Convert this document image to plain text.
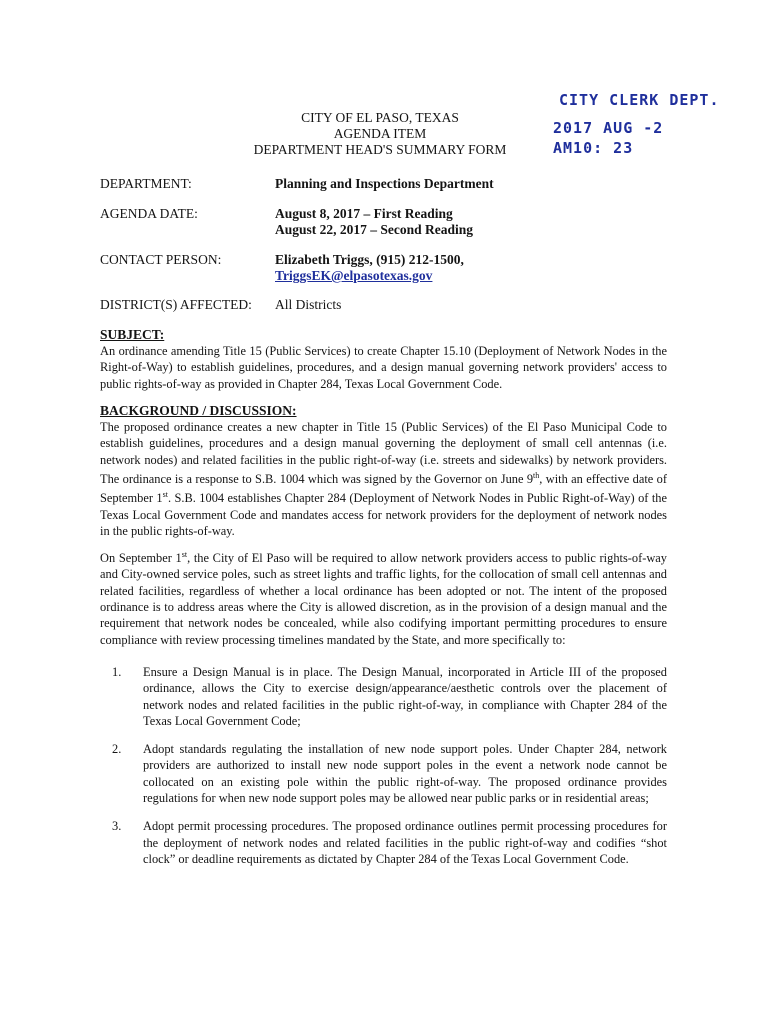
CITY CLERK DEPT.
2017 AUG -2 AM10: 23
CITY OF EL PASO, TEXAS
AGENDA ITEM
DEPARTMENT HEAD'S SUMMARY FORM
DEPARTMENT:	Planning and Inspections Department
AGENDA DATE:	August 8, 2017 – First Reading
August 22, 2017 – Second Reading
CONTACT PERSON:	Elizabeth Triggs, (915) 212-1500,
TriggsEK@elpasotexas.gov
DISTRICT(S) AFFECTED: All Districts
SUBJECT:
An ordinance amending Title 15 (Public Services) to create Chapter 15.10 (Deployment of Network Nodes in the Right-of-Way) to establish guidelines, procedures, and a design manual governing network providers' access to public rights-of-way as provided in Chapter 284, Texas Local Government Code.
BACKGROUND / DISCUSSION:
The proposed ordinance creates a new chapter in Title 15 (Public Services) of the El Paso Municipal Code to establish guidelines, procedures and a design manual governing the deployment of small cell antennas (i.e. network nodes) and related facilities in the public right-of-way (i.e. streets and sidewalks) by network providers. The ordinance is a response to S.B. 1004 which was signed by the Governor on June 9th, with an effective date of September 1st. S.B. 1004 establishes Chapter 284 (Deployment of Network Nodes in Public Right-of-Way) of the Texas Local Government Code and mandates access for network providers for the deployment of network nodes in the public rights-of-way.
On September 1st, the City of El Paso will be required to allow network providers access to public rights-of-way and City-owned service poles, such as street lights and traffic lights, for the collocation of small cell antennas and related facilities, regardless of whether a local ordinance has been adopted or not. The intent of the proposed ordinance is to address areas where the City is allowed discretion, as in the provision of a design manual and the requirement that network nodes be concealed, while also codifying important permitting procedures to ensure compliance with review processing timelines mandated by the State, and more specifically to:
1. Ensure a Design Manual is in place. The Design Manual, incorporated in Article III of the proposed ordinance, allows the City to exercise design/appearance/aesthetic controls over the placement of network nodes and related facilities in the public right-of-way, in compliance with Chapter 284 of the Texas Local Government Code;
2. Adopt standards regulating the installation of new node support poles. Under Chapter 284, network providers are authorized to install new node support poles in the event a network node cannot be collocated on an existing pole within the public right-of-way. The proposed ordinance provides regulations for when new node support poles may be allowed near public parks or in residential areas;
3. Adopt permit processing procedures. The proposed ordinance outlines permit processing procedures for the deployment of network nodes and related facilities in the public right-of-way and codifies “shot clock” or deadline requirements as dictated by Chapter 284 of the Texas Local Government Code.
